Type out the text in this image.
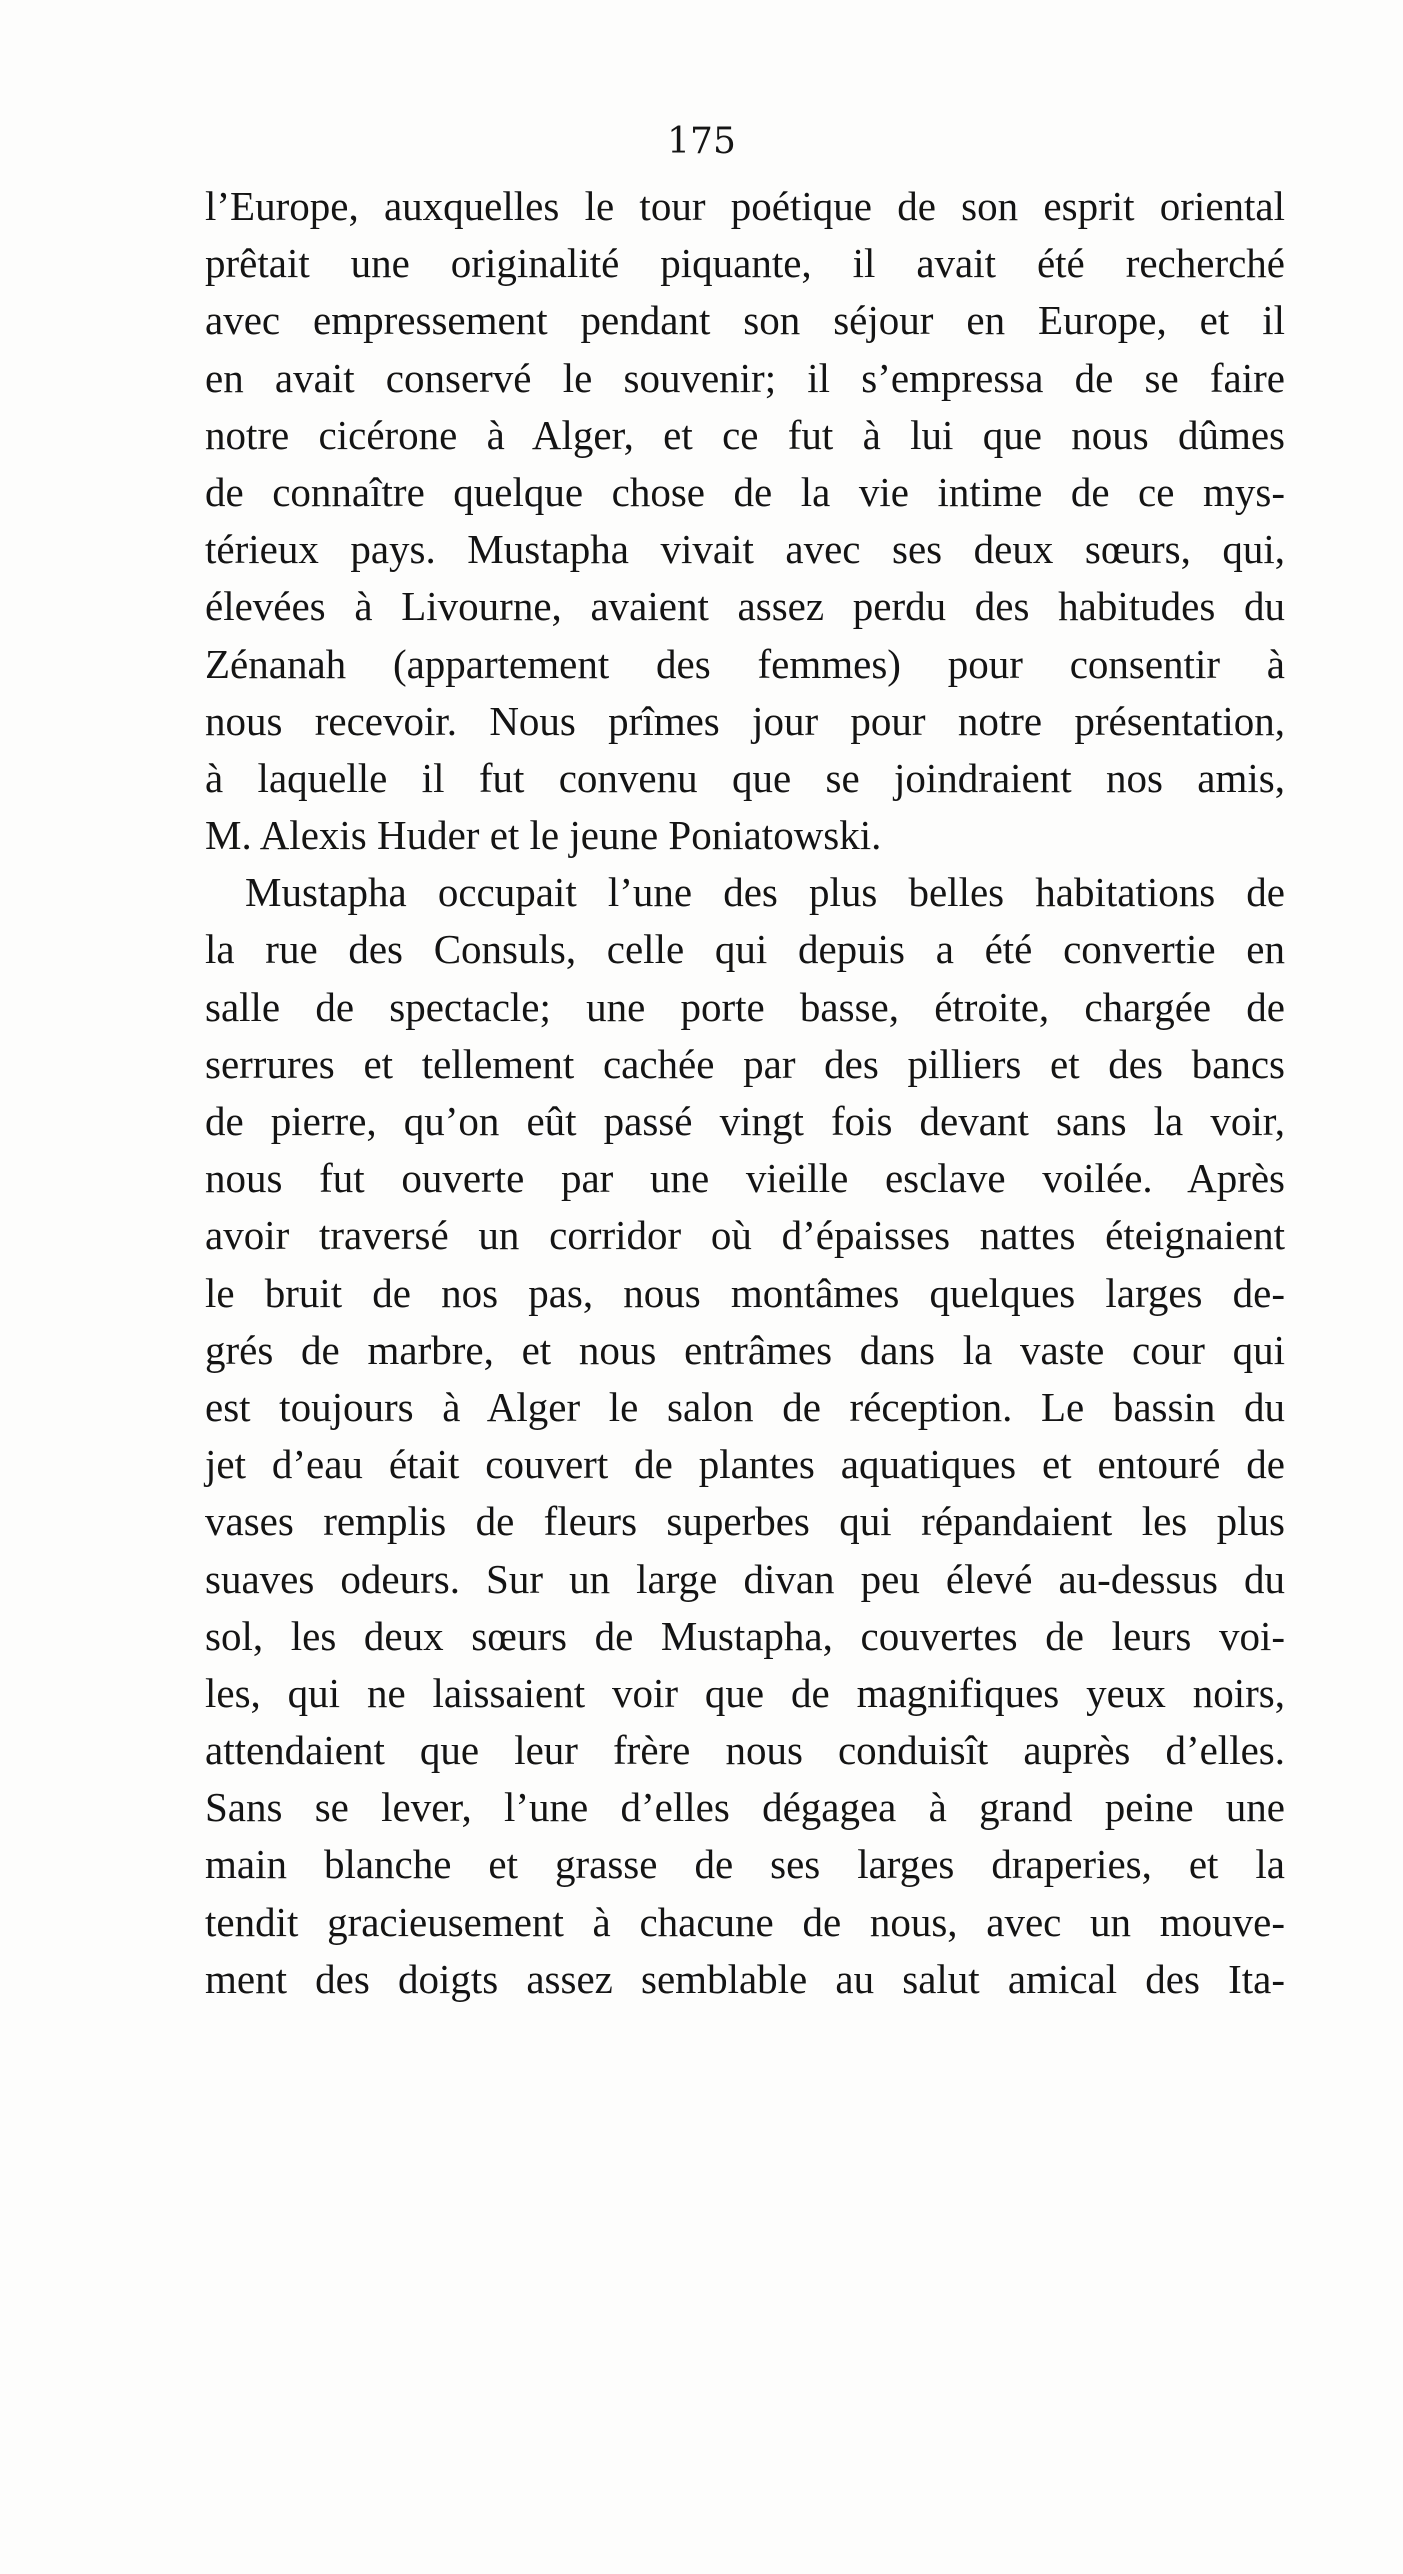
175
l’Europe, auxquelles le tour poétique de son esprit oriental
prêtait une originalité piquante, il avait été recherché
avec empressement pendant son séjour en Europe, et il
en avait conservé le souvenir; il s’empressa de se faire
notre cicérone à Alger, et ce fut à lui que nous dûmes
de connaître quelque chose de la vie intime de ce mys-
térieux pays. Mustapha vivait avec ses deux sœurs, qui,
élevées à Livourne, avaient assez perdu des habitudes du
Zénanah (appartement des femmes) pour consentir à
nous recevoir. Nous prîmes jour pour notre présentation,
à laquelle il fut convenu que se joindraient nos amis,
M. Alexis Huder et le jeune Poniatowski.
Mustapha occupait l’une des plus belles habitations de
la rue des Consuls, celle qui depuis a été convertie en
salle de spectacle; une porte basse, étroite, chargée de
serrures et tellement cachée par des pilliers et des bancs
de pierre, qu’on eût passé vingt fois devant sans la voir,
nous fut ouverte par une vieille esclave voilée. Après
avoir traversé un corridor où d’épaisses nattes éteignaient
le bruit de nos pas, nous montâmes quelques larges de-
grés de marbre, et nous entrâmes dans la vaste cour qui
est toujours à Alger le salon de réception. Le bassin du
jet d’eau était couvert de plantes aquatiques et entouré de
vases remplis de fleurs superbes qui répandaient les plus
suaves odeurs. Sur un large divan peu élevé au-dessus du
sol, les deux sœurs de Mustapha, couvertes de leurs voi-
les, qui ne laissaient voir que de magnifiques yeux noirs,
attendaient que leur frère nous conduisît auprès d’elles.
Sans se lever, l’une d’elles dégagea à grand peine une
main blanche et grasse de ses larges draperies, et la
tendit gracieusement à chacune de nous, avec un mouve-
ment des doigts assez semblable au salut amical des Ita-
